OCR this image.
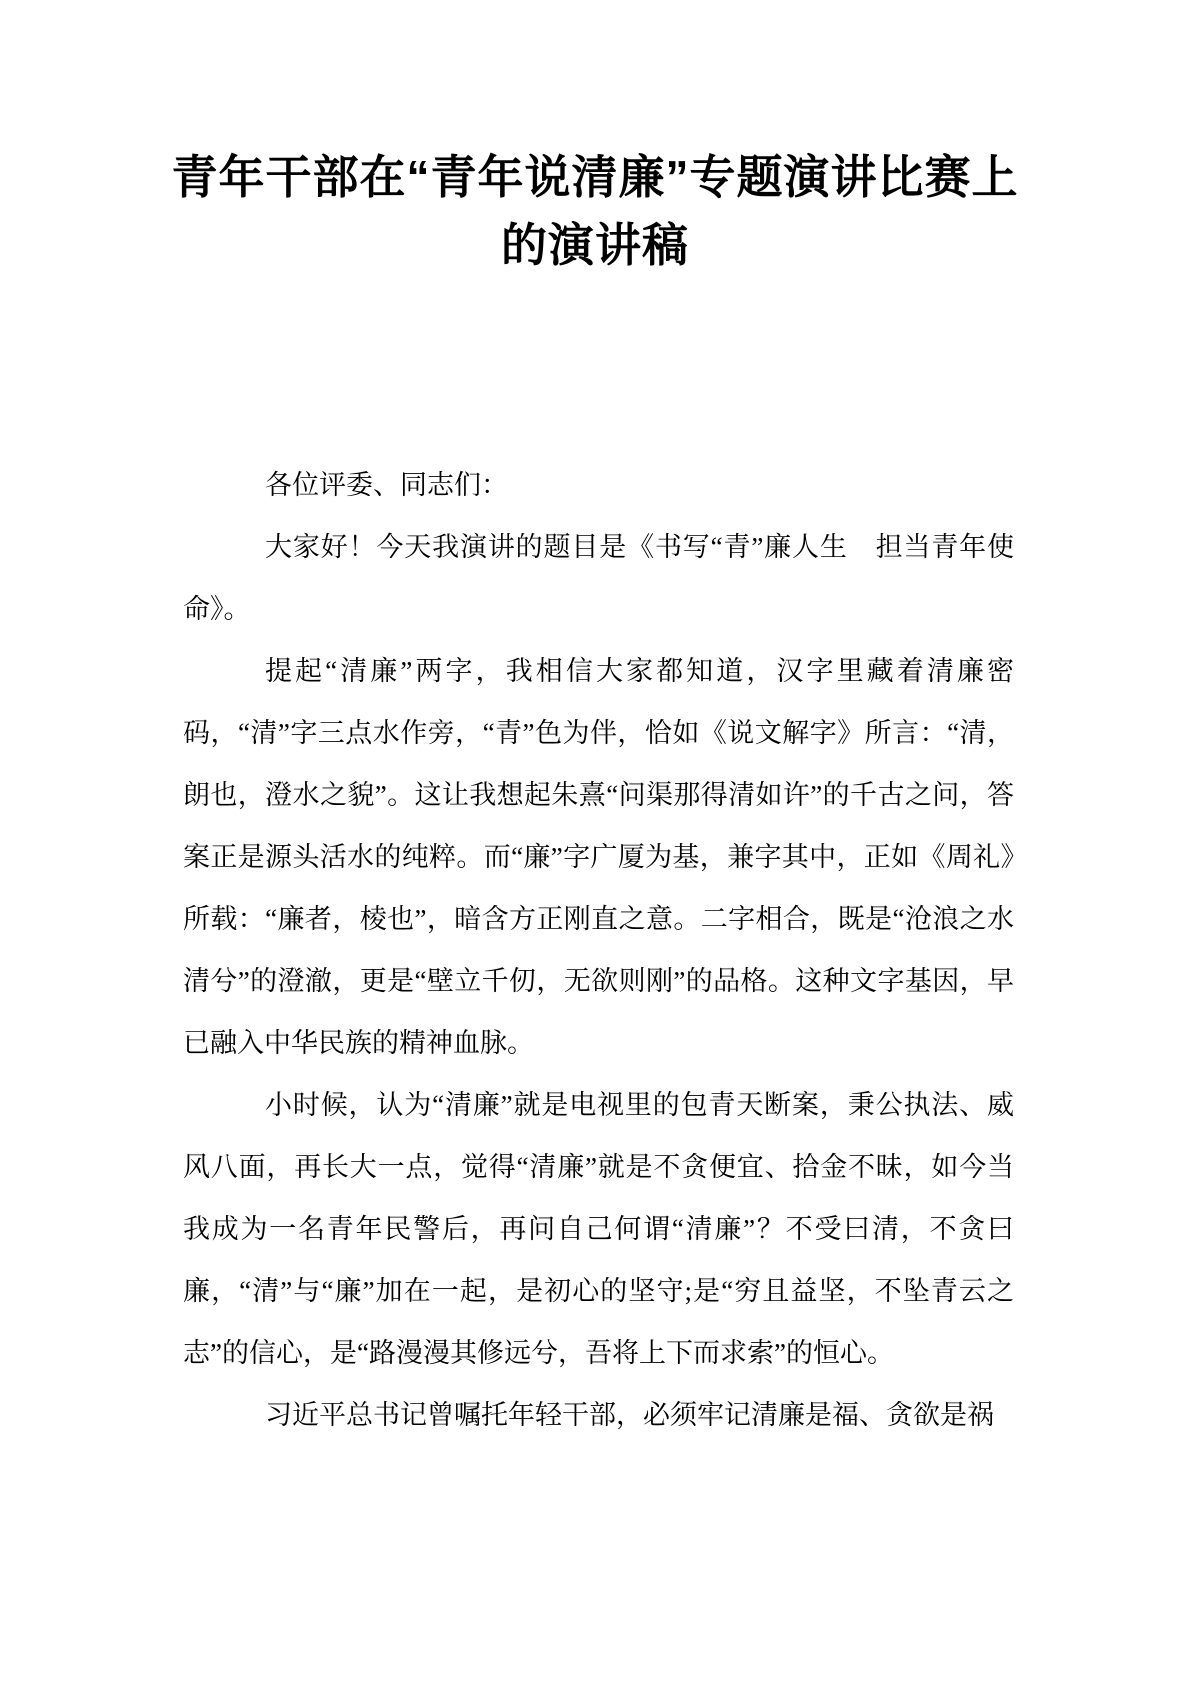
青年干部在“青年说清廉”专题演讲比赛上
的演讲稿

各位评委、同志们：

大家好！今天我演讲的题目是《书写“青”廉人生　担当青年使命》。

提起“清廉”两字，我相信大家都知道，汉字里藏着清廉密码，“清”字三点水作旁，“青”色为伴，恰如《说文解字》所言：“清，朗也，澄水之貌”。这让我想起朱熹“问渠那得清如许”的千古之问，答案正是源头活水的纯粹。而“廉”字广厦为基，兼字其中，正如《周礼》所载：“廉者，棱也”，暗含方正刚直之意。二字相合，既是“沧浪之水清兮”的澄澈，更是“壁立千仞，无欲则刚”的品格。这种文字基因，早已融入中华民族的精神血脉。

小时候，认为“清廉”就是电视里的包青天断案，秉公执法、威风八面，再长大一点，觉得“清廉”就是不贪便宜、拾金不昧，如今当我成为一名青年民警后，再问自己何谓“清廉”？不受曰清，不贪曰廉，“清”与“廉”加在一起，是初心的坚守;是“穷且益坚，不坠青云之志”的信心，是“路漫漫其修远兮，吾将上下而求索”的恒心。

习近平总书记曾嘱托年轻干部，必须牢记清廉是福、贪欲是祸
